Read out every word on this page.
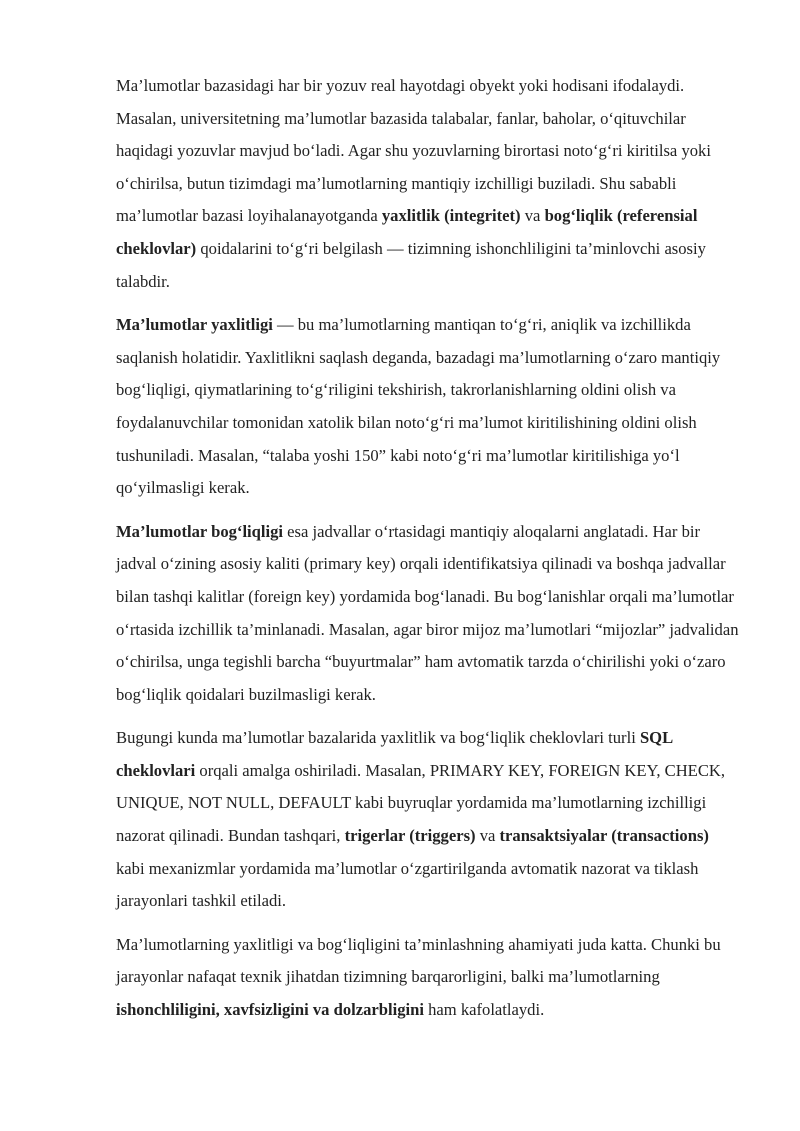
Ma’lumotlar bazasidagi har bir yozuv real hayotdagi obyekt yoki hodisani ifodalaydi. Masalan, universitetning ma’lumotlar bazasida talabalar, fanlar, baholar, o‘qituvchilar haqidagi yozuvlar mavjud bo‘ladi. Agar shu yozuvlarning birortasi noto‘g‘ri kiritilsa yoki o‘chirilsa, butun tizimdagi ma’lumotlarning mantiqiy izchilligi buziladi. Shu sababli ma’lumotlar bazasi loyihalanayotganda yaxlitlik (integritet) va bog‘liqlik (referensial cheklovlar) qoidalarini to‘g‘ri belgilash — tizimning ishonchliligini ta’minlovchi asosiy talabdir.

Ma’lumotlar yaxlitligi — bu ma’lumotlarning mantiqan to‘g‘ri, aniqlik va izchillikda saqlanish holatidir. Yaxlitlikni saqlash deganda, bazadagi ma’lumotlarning o‘zaro mantiqiy bog‘liqligi, qiymatlarining to‘g‘riligini tekshirish, takrorlanishlarning oldini olish va foydalanuvchilar tomonidan xatolik bilan noto‘g‘ri ma’lumot kiritilishining oldini olish tushuniladi. Masalan, “talaba yoshi 150” kabi noto‘g‘ri ma’lumotlar kiritilishiga yo‘l qo‘yilmasligi kerak.

Ma’lumotlar bog‘liqligi esa jadvallar o‘rtasidagi mantiqiy aloqalarni anglatadi. Har bir jadval o‘zining asosiy kaliti (primary key) orqali identifikatsiya qilinadi va boshqa jadvallar bilan tashqi kalitlar (foreign key) yordamida bog‘lanadi. Bu bog‘lanishlar orqali ma’lumotlar o‘rtasida izchillik ta’minlanadi. Masalan, agar biror mijoz ma’lumotlari “mijozlar” jadvalidan o‘chirilsa, unga tegishli barcha “buyurtmalar” ham avtomatik tarzda o‘chirilishi yoki o‘zaro bog‘liqlik qoidalari buzilmasligi kerak.

Bugungi kunda ma’lumotlar bazalarida yaxlitlik va bog‘liqlik cheklovlari turli SQL cheklovlari orqali amalga oshiriladi. Masalan, PRIMARY KEY, FOREIGN KEY, CHECK, UNIQUE, NOT NULL, DEFAULT kabi buyruqlar yordamida ma’lumotlarning izchilligi nazorat qilinadi. Bundan tashqari, trigerlar (triggers) va transaktsiyalar (transactions) kabi mexanizmlar yordamida ma’lumotlar o‘zgartirilganda avtomatik nazorat va tiklash jarayonlari tashkil etiladi.

Ma’lumotlarning yaxlitligi va bog‘liqligini ta’minlashning ahamiyati juda katta. Chunki bu jarayonlar nafaqat texnik jihatdan tizimning barqarorligini, balki ma’lumotlarning ishonchliligini, xavfsizligini va dolzarbligini ham kafolatlaydi.
